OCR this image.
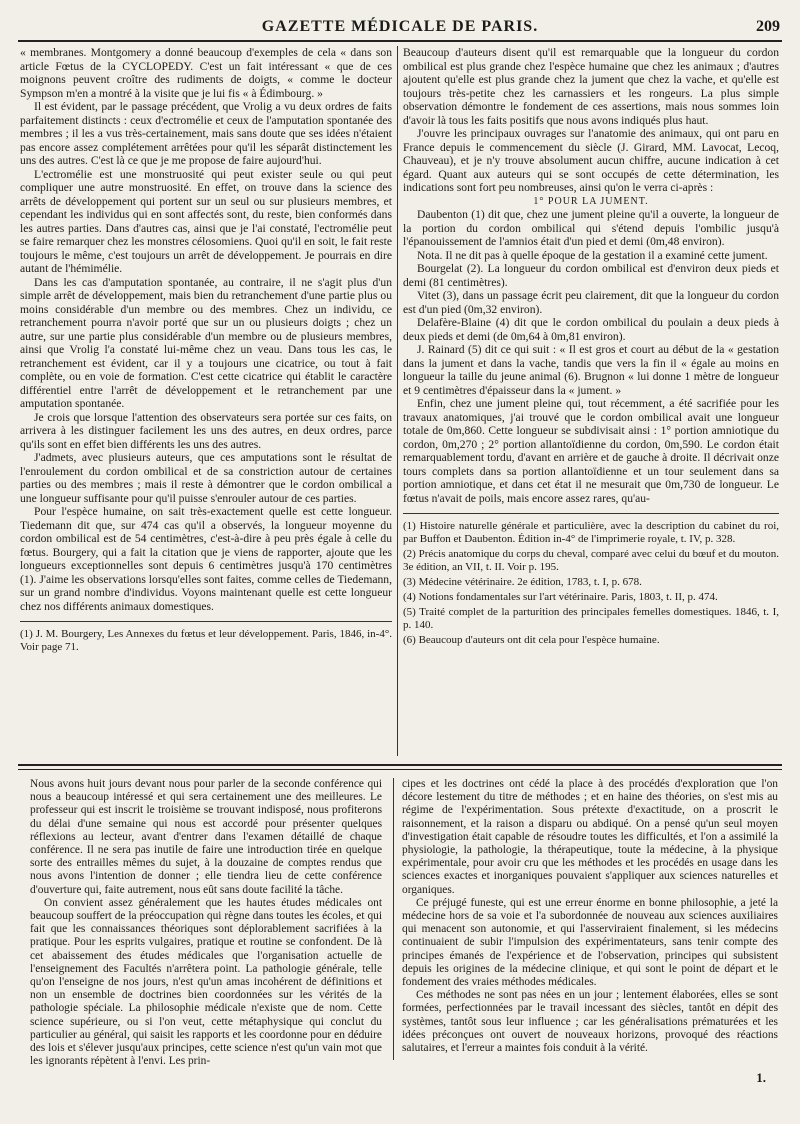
GAZETTE MÉDICALE DE PARIS.	209

« membranes. Montgomery a donné beaucoup d'exemples de cela « dans son article Fœtus de la CYCLOPEDY. C'est un fait intéressant « que de ces moignons peuvent croître des rudiments de doigts, « comme le docteur Sympson m'en a montré à la visite que je lui fis « à Édimbourg. »

Il est évident, par le passage précédent, que Vrolig a vu deux ordres de faits parfaitement distincts : ceux d'ectromélie et ceux de l'amputation spontanée des membres ; il les a vus très-certainement, mais sans doute que ses idées n'étaient pas encore assez complétement arrêtées pour qu'il les séparât distinctement les uns des autres. C'est là ce que je me propose de faire aujourd'hui.

L'ectromélie est une monstruosité qui peut exister seule ou qui peut compliquer une autre monstruosité. En effet, on trouve dans la science des arrêts de développement qui portent sur un seul ou sur plusieurs membres, et cependant les individus qui en sont affectés sont, du reste, bien conformés dans les autres parties. Dans d'autres cas, ainsi que je l'ai constaté, l'ectromélie peut se faire remarquer chez les monstres célosomiens. Quoi qu'il en soit, le fait reste toujours le même, c'est toujours un arrêt de développement. Je pourrais en dire autant de l'hémimélie.

Dans les cas d'amputation spontanée, au contraire, il ne s'agit plus d'un simple arrêt de développement, mais bien du retranchement d'une partie plus ou moins considérable d'un membre ou des membres. Chez un individu, ce retranchement pourra n'avoir porté que sur un ou plusieurs doigts ; chez un autre, sur une partie plus considérable d'un membre ou de plusieurs membres, ainsi que Vrolig l'a constaté lui-même chez un veau. Dans tous les cas, le retranchement est évident, car il y a toujours une cicatrice, ou tout à fait complète, ou en voie de formation. C'est cette cicatrice qui établit le caractère différentiel entre l'arrêt de développement et le retranchement par une amputation spontanée.

Je crois que lorsque l'attention des observateurs sera portée sur ces faits, on arrivera à les distinguer facilement les uns des autres, en deux ordres, parce qu'ils sont en effet bien différents les uns des autres.

J'admets, avec plusieurs auteurs, que ces amputations sont le résultat de l'enroulement du cordon ombilical et de sa constriction autour de certaines parties ou des membres ; mais il reste à démontrer que le cordon ombilical a une longueur suffisante pour qu'il puisse s'enrouler autour de ces parties.

Pour l'espèce humaine, on sait très-exactement quelle est cette longueur. Tiedemann dit que, sur 474 cas qu'il a observés, la longueur moyenne du cordon ombilical est de 54 centimètres, c'est-à-dire à peu près égale à celle du fœtus. Bourgery, qui a fait la citation que je viens de rapporter, ajoute que les longueurs exceptionnelles sont depuis 6 centimètres jusqu'à 170 centimètres (1). J'aime les observations lorsqu'elles sont faites, comme celles de Tiedemann, sur un grand nombre d'individus. Voyons maintenant quelle est cette longueur chez nos différents animaux domestiques.

(1) J. M. Bourgery, Les Annexes du fœtus et leur développement. Paris, 1846, in-4°. Voir page 71.

Beaucoup d'auteurs disent qu'il est remarquable que la longueur du cordon ombilical est plus grande chez l'espèce humaine que chez les animaux ; d'autres ajoutent qu'elle est plus grande chez la jument que chez la vache, et qu'elle est toujours très-petite chez les carnassiers et les rongeurs. La plus simple observation démontre le fondement de ces assertions, mais nous sommes loin d'avoir là tous les faits positifs que nous avons indiqués plus haut.

J'ouvre les principaux ouvrages sur l'anatomie des animaux, qui ont paru en France depuis le commencement du siècle (J. Girard, MM. Lavocat, Lecoq, Chauveau), et je n'y trouve absolument aucun chiffre, aucune indication à cet égard. Quant aux auteurs qui se sont occupés de cette détermination, les indications sont fort peu nombreuses, ainsi qu'on le verra ci-après :

1° POUR LA JUMENT.

Daubenton (1) dit que, chez une jument pleine qu'il a ouverte, la longueur de la portion du cordon ombilical qui s'étend depuis l'ombilic jusqu'à l'épanouissement de l'amnios était d'un pied et demi (0m,48 environ).

Nota. Il ne dit pas à quelle époque de la gestation il a examiné cette jument.

Bourgelat (2). La longueur du cordon ombilical est d'environ deux pieds et demi (81 centimètres).

Vitet (3), dans un passage écrit peu clairement, dit que la longueur du cordon est d'un pied (0m,32 environ).

Delafère-Blaine (4) dit que le cordon ombilical du poulain a deux pieds à deux pieds et demi (de 0m,64 à 0m,81 environ).

J. Rainard (5) dit ce qui suit : « Il est gros et court au début de la « gestation dans la jument et dans la vache, tandis que vers la fin il « égale au moins en longueur la taille du jeune animal (6). Brugnon « lui donne 1 mètre de longueur et 9 centimètres d'épaisseur dans la « jument. »

Enfin, chez une jument pleine qui, tout récemment, a été sacrifiée pour les travaux anatomiques, j'ai trouvé que le cordon ombilical avait une longueur totale de 0m,860. Cette longueur se subdivisait ainsi : 1° portion amniotique du cordon, 0m,270 ; 2° portion allantoïdienne du cordon, 0m,590. Le cordon était remarquablement tordu, d'avant en arrière et de gauche à droite. Il décrivait onze tours complets dans sa portion allantoïdienne et un tour seulement dans sa portion amniotique, et dans cet état il ne mesurait que 0m,730 de longueur. Le fœtus n'avait de poils, mais encore assez rares, qu'au-

(1) Histoire naturelle générale et particulière, avec la description du cabinet du roi, par Buffon et Daubenton. Édition in-4° de l'imprimerie royale, t. IV, p. 328.

(2) Précis anatomique du corps du cheval, comparé avec celui du bœuf et du mouton. 3e édition, an VII, t. II. Voir p. 195.

(3) Médecine vétérinaire. 2e édition, 1783, t. I, p. 678.

(4) Notions fondamentales sur l'art vétérinaire. Paris, 1803, t. II, p. 474.

(5) Traité complet de la parturition des principales femelles domestiques. 1846, t. I, p. 140.

(6) Beaucoup d'auteurs ont dit cela pour l'espèce humaine.

Nous avons huit jours devant nous pour parler de la seconde conférence qui nous a beaucoup intéressé et qui sera certainement une des meilleures. Le professeur qui est inscrit le troisième se trouvant indisposé, nous profiterons du délai d'une semaine qui nous est accordé pour présenter quelques réflexions au lecteur, avant d'entrer dans l'examen détaillé de chaque conférence. Il ne sera pas inutile de faire une introduction tirée en quelque sorte des entrailles mêmes du sujet, à la douzaine de comptes rendus que nous avons l'intention de donner ; elle tiendra lieu de cette conférence d'ouverture qui, faite autrement, nous eût sans doute facilité la tâche.

On convient assez généralement que les hautes études médicales ont beaucoup souffert de la préoccupation qui règne dans toutes les écoles, et qui fait que les connaissances théoriques sont déplorablement sacrifiées à la pratique. Pour les esprits vulgaires, pratique et routine se confondent. De là cet abaissement des études médicales que l'organisation actuelle de l'enseignement des Facultés n'arrêtera point. La pathologie générale, telle qu'on l'enseigne de nos jours, n'est qu'un amas incohérent de définitions et non un ensemble de doctrines bien coordonnées sur les vérités de la pathologie spéciale. La philosophie médicale n'existe que de nom. Cette science supérieure, ou si l'on veut, cette métaphysique qui conclut du particulier au général, qui saisit les rapports et les coordonne pour en déduire des lois et s'élever jusqu'aux principes, cette science n'est qu'un vain mot que les ignorants répètent à l'envi. Les prin-

cipes et les doctrines ont cédé la place à des procédés d'exploration que l'on décore lestement du titre de méthodes ; et en haine des théories, on s'est mis au régime de l'expérimentation. Sous prétexte d'exactitude, on a proscrit le raisonnement, et la raison a disparu ou abdiqué. On a pensé qu'un seul moyen d'investigation était capable de résoudre toutes les difficultés, et l'on a assimilé la physiologie, la pathologie, la thérapeutique, toute la médecine, à la physique expérimentale, pour avoir cru que les méthodes et les procédés en usage dans les sciences exactes et inorganiques pouvaient s'appliquer aux sciences naturelles et organiques.

Ce préjugé funeste, qui est une erreur énorme en bonne philosophie, a jeté la médecine hors de sa voie et l'a subordonnée de nouveau aux sciences auxiliaires qui menacent son autonomie, et qui l'asserviraient finalement, si les médecins continuaient de subir l'impulsion des expérimentateurs, sans tenir compte des principes émanés de l'expérience et de l'observation, principes qui subsistent depuis les origines de la médecine clinique, et qui sont le point de départ et le fondement des vraies méthodes médicales.

Ces méthodes ne sont pas nées en un jour ; lentement élaborées, elles se sont formées, perfectionnées par le travail incessant des siècles, tantôt en dépit des systèmes, tantôt sous leur influence ; car les généralisations prématurées et les idées préconçues ont ouvert de nouveaux horizons, provoqué des réactions salutaires, et l'erreur a maintes fois conduit à la vérité.

1.
